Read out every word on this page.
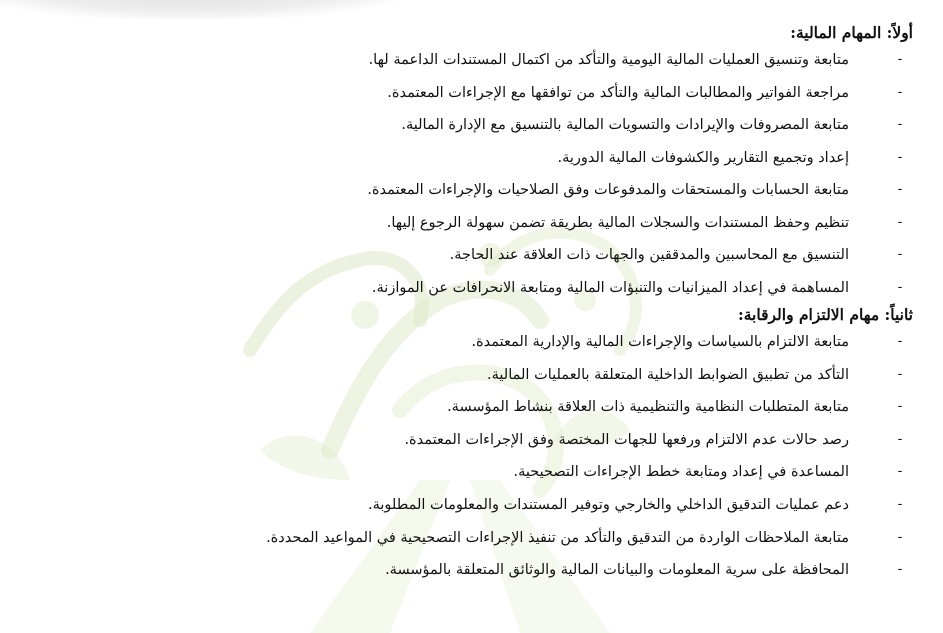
أولاً: المهام المالية:

-
متابعة وتنسيق العمليات المالية اليومية والتأكد من اكتمال المستندات الداعمة لها.
-
مراجعة الفواتير والمطالبات المالية والتأكد من توافقها مع الإجراءات المعتمدة.
-
متابعة المصروفات والإيرادات والتسويات المالية بالتنسيق مع الإدارة المالية.
-
إعداد وتجميع التقارير والكشوفات المالية الدورية.
-
متابعة الحسابات والمستحقات والمدفوعات وفق الصلاحيات والإجراءات المعتمدة.
-
تنظيم وحفظ المستندات والسجلات المالية بطريقة تضمن سهولة الرجوع إليها.
-
التنسيق مع المحاسبين والمدققين والجهات ذات العلاقة عند الحاجة.
-
المساهمة في إعداد الميزانيات والتنبؤات المالية ومتابعة الانحرافات عن الموازنة.

ثانياً: مهام الالتزام والرقابة:

-
متابعة الالتزام بالسياسات والإجراءات المالية والإدارية المعتمدة.
-
التأكد من تطبيق الضوابط الداخلية المتعلقة بالعمليات المالية.
-
متابعة المتطلبات النظامية والتنظيمية ذات العلاقة بنشاط المؤسسة.
-
رصد حالات عدم الالتزام ورفعها للجهات المختصة وفق الإجراءات المعتمدة.
-
المساعدة في إعداد ومتابعة خطط الإجراءات التصحيحية.
-
دعم عمليات التدقيق الداخلي والخارجي وتوفير المستندات والمعلومات المطلوبة.
-
متابعة الملاحظات الواردة من التدقيق والتأكد من تنفيذ الإجراءات التصحيحية في المواعيد المحددة.
-
المحافظة على سرية المعلومات والبيانات المالية والوثائق المتعلقة بالمؤسسة.
